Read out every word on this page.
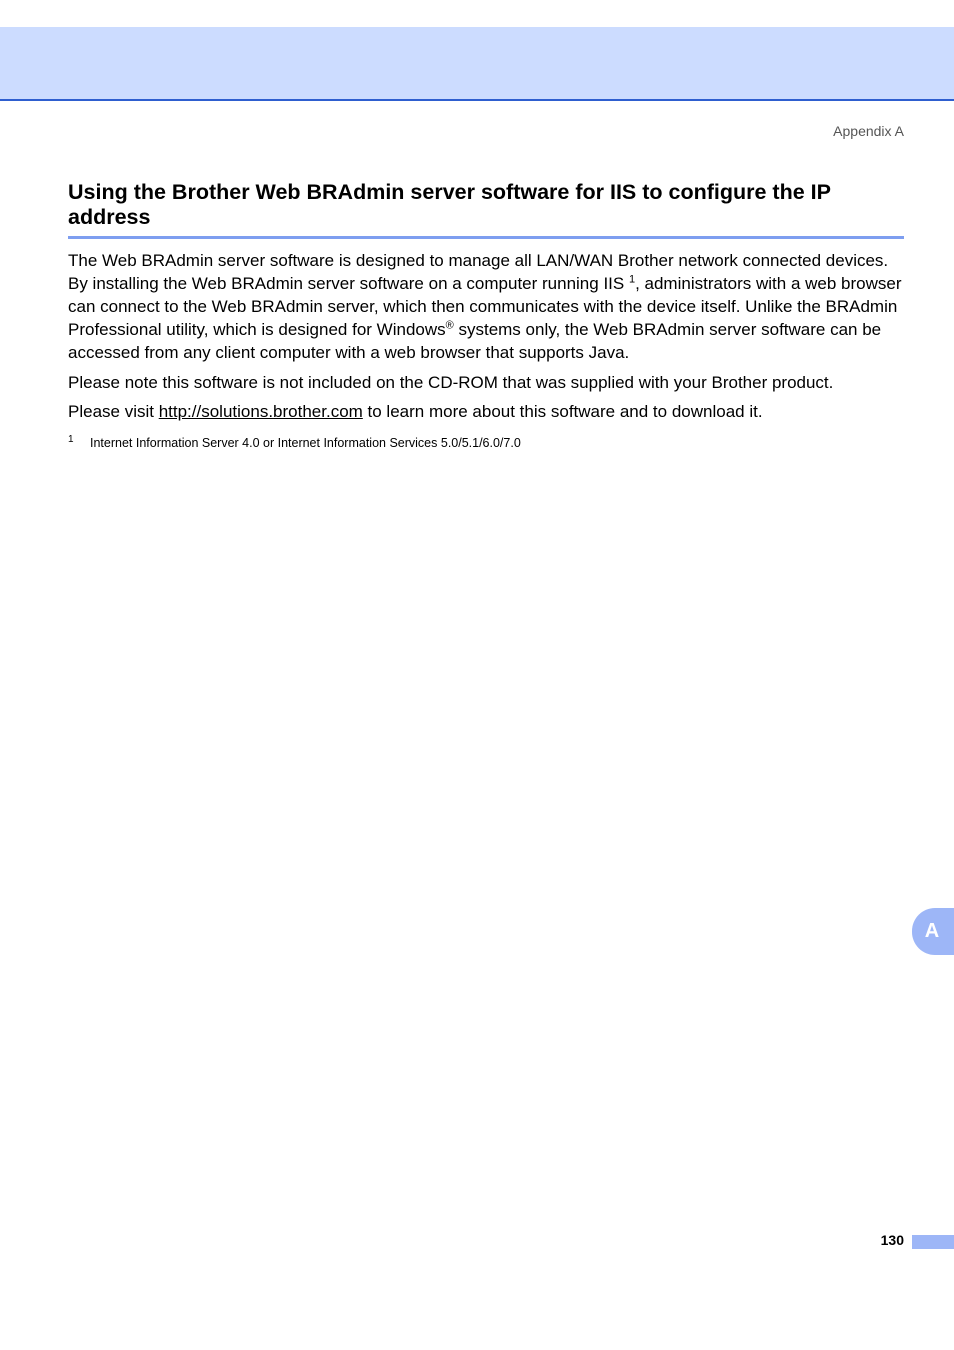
Appendix A
Using the Brother Web BRAdmin server software for IIS to configure the IP address

The Web BRAdmin server software is designed to manage all LAN/WAN Brother network connected devices. By installing the Web BRAdmin server software on a computer running IIS $^1$, administrators with a web browser can connect to the Web BRAdmin server, which then communicates with the device itself. Unlike the BRAdmin Professional utility, which is designed for Windows® systems only, the Web BRAdmin server software can be accessed from any client computer with a web browser that supports Java.

Please note this software is not included on the CD-ROM that was supplied with your Brother product.

Please visit http://solutions.brother.com to learn more about this software and to download it.

1 Internet Information Server 4.0 or Internet Information Services 5.0/5.1/6.0/7.0
A
130
